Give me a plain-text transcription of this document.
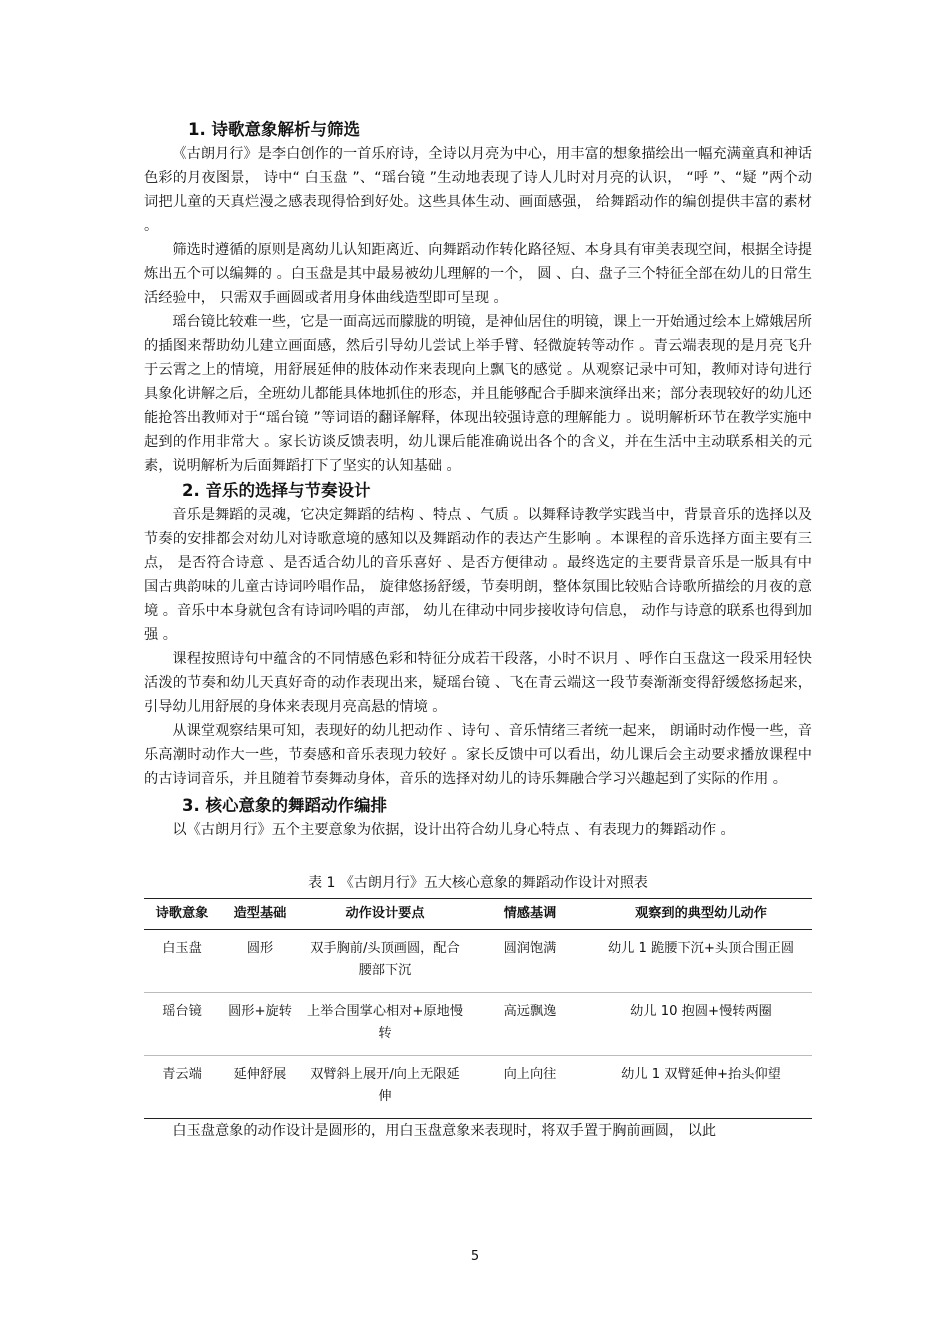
1. 诗歌意象解析与筛选

《古朗月行》是李白创作的一首乐府诗，全诗以月亮为中心，用丰富的想象描绘出一幅充满童真和神话色彩的月夜图景， 诗中“ 白玉盘 ”、“瑶台镜 ”生动地表现了诗人儿时对月亮的认识， “呼 ”、“疑 ”两个动词把儿童的天真烂漫之感表现得恰到好处。这些具体生动、画面感强， 给舞蹈动作的编创提供丰富的素材 。

筛选时遵循的原则是离幼儿认知距离近、向舞蹈动作转化路径短、本身具有审美表现空间，根据全诗提炼出五个可以编舞的 。白玉盘是其中最易被幼儿理解的一个， 圆 、白、盘子三个特征全部在幼儿的日常生活经验中， 只需双手画圆或者用身体曲线造型即可呈现 。

瑶台镜比较难一些，它是一面高远而朦胧的明镜，是神仙居住的明镜，课上一开始通过绘本上嫦娥居所的插图来帮助幼儿建立画面感，然后引导幼儿尝试上举手臂、轻微旋转等动作 。青云端表现的是月亮飞升于云霄之上的情境，用舒展延伸的肢体动作来表现向上飘飞的感觉 。从观察记录中可知，教师对诗句进行具象化讲解之后，全班幼儿都能具体地抓住的形态，并且能够配合手脚来演绎出来；部分表现较好的幼儿还能抢答出教师对于“瑶台镜 ”等词语的翻译解释，体现出较强诗意的理解能力 。说明解析环节在教学实施中起到的作用非常大 。家长访谈反馈表明，幼儿课后能准确说出各个的含义，并在生活中主动联系相关的元素，说明解析为后面舞蹈打下了坚实的认知基础 。

2. 音乐的选择与节奏设计

音乐是舞蹈的灵魂，它决定舞蹈的结构 、特点 、气质 。以舞释诗教学实践当中，背景音乐的选择以及节奏的安排都会对幼儿对诗歌意境的感知以及舞蹈动作的表达产生影响 。本课程的音乐选择方面主要有三点， 是否符合诗意 、是否适合幼儿的音乐喜好 、是否方便律动 。最终选定的主要背景音乐是一版具有中国古典韵味的儿童古诗词吟唱作品， 旋律悠扬舒缓，节奏明朗，整体氛围比较贴合诗歌所描绘的月夜的意境 。音乐中本身就包含有诗词吟唱的声部， 幼儿在律动中同步接收诗句信息， 动作与诗意的联系也得到加强 。

课程按照诗句中蕴含的不同情感色彩和特征分成若干段落，小时不识月 、呼作白玉盘这一段采用轻快活泼的节奏和幼儿天真好奇的动作表现出来，疑瑶台镜 、飞在青云端这一段节奏渐渐变得舒缓悠扬起来， 引导幼儿用舒展的身体来表现月亮高悬的情境 。

从课堂观察结果可知，表现好的幼儿把动作 、诗句 、音乐情绪三者统一起来， 朗诵时动作慢一些，音乐高潮时动作大一些，节奏感和音乐表现力较好 。家长反馈中可以看出，幼儿课后会主动要求播放课程中的古诗词音乐，并且随着节奏舞动身体，音乐的选择对幼儿的诗乐舞融合学习兴趣起到了实际的作用 。

3. 核心意象的舞蹈动作编排

以《古朗月行》五个主要意象为依据，设计出符合幼儿身心特点 、有表现力的舞蹈动作 。

表 1 《古朗月行》五大核心意象的舞蹈动作设计对照表
诗歌意象	造型基础	动作设计要点	情感基调	观察到的典型幼儿动作
白玉盘	圆形	双手胸前/头顶画圆，配合腰部下沉	圆润饱满	幼儿 1 跪腰下沉+头顶合围正圆
瑶台镜	圆形+旋转	上举合围掌心相对+原地慢转	高远飘逸	幼儿 10 抱圆+慢转两圈
青云端	延伸舒展	双臂斜上展开/向上无限延伸	向上向往	幼儿 1 双臂延伸+抬头仰望

白玉盘意象的动作设计是圆形的，用白玉盘意象来表现时，将双手置于胸前画圆， 以此

5
